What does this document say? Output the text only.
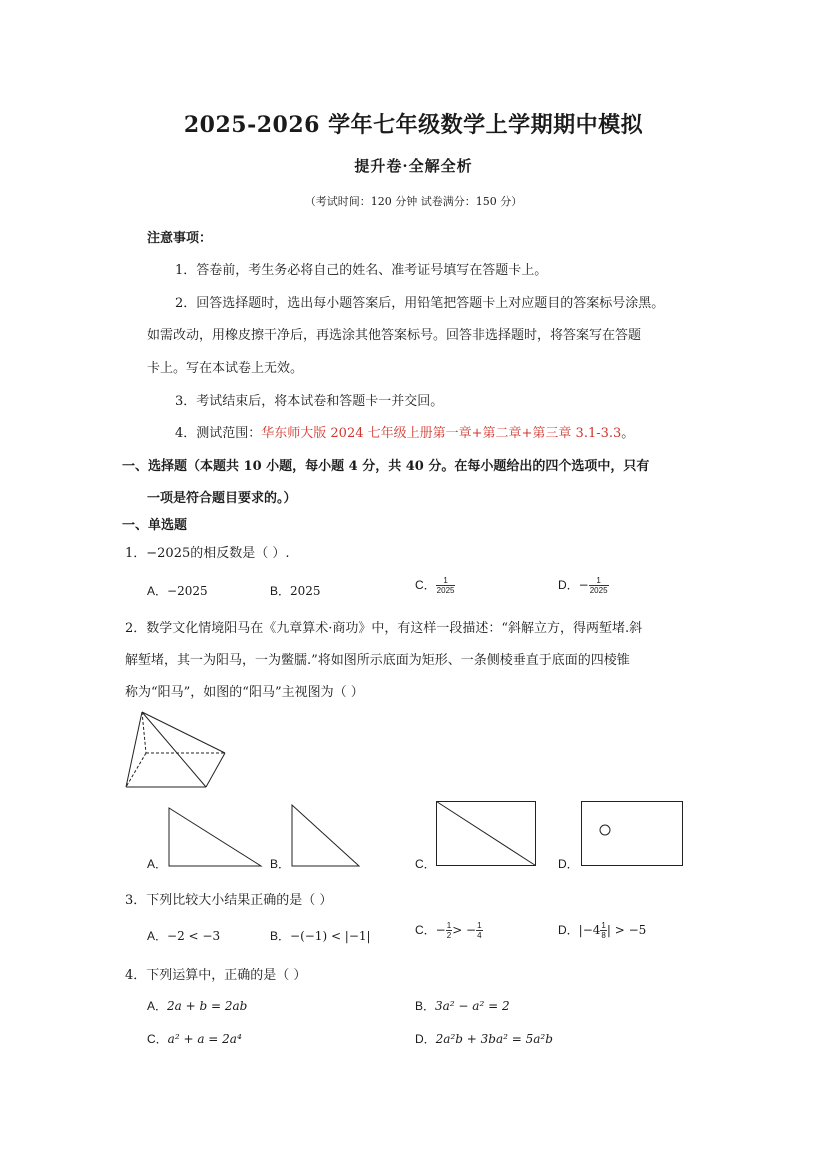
2025-2026 学年七年级数学上学期期中模拟
提升卷·全解全析
（考试时间：120 分钟 试卷满分：150 分）
注意事项：
1．答卷前，考生务必将自己的姓名、准考证号填写在答题卡上。
2．回答选择题时，选出每小题答案后，用铅笔把答题卡上对应题目的答案标号涂黑。
如需改动，用橡皮擦干净后，再选涂其他答案标号。回答非选择题时，将答案写在答题
卡上。写在本试卷上无效。
3．考试结束后，将本试卷和答题卡一并交回。
4．测试范围：华东师大版 2024 七年级上册第一章+第二章+第三章 3.1-3.3。
一、选择题（本题共 10 小题，每小题 4 分，共 40 分。在每小题给出的四个选项中，只有
一项是符合题目要求的。）
一、单选题
1．−2025的相反数是（ ）.
A．−2025	B．2025	C． $\frac{1}{2025}$	D．− $\frac{1}{2025}$
2．数学文化情境阳马在《九章算术·商功》中，有这样一段描述：“斜解立方，得两堑堵.斜
解堑堵，其一为阳马，一为鳖臑.”将如图所示底面为矩形、一条侧棱垂直于底面的四棱锥
称为“阳马”，如图的“阳马”主视图为（ ）
A．	B．	C．	D．
3．下列比较大小结果正确的是（ ）
A．−2 < −3	B．−(−1) < |−1|	C．− $\frac{1}{2}$ > − $\frac{1}{4}$	D．$|-4 \frac{1}{8}$ | > −5
4．下列运算中，正确的是（ ）
A．2a + b = 2ab	B．3a² − a² = 2
C．a² + a = 2a⁴	D．2a²b + 3ba² = 5a²b
